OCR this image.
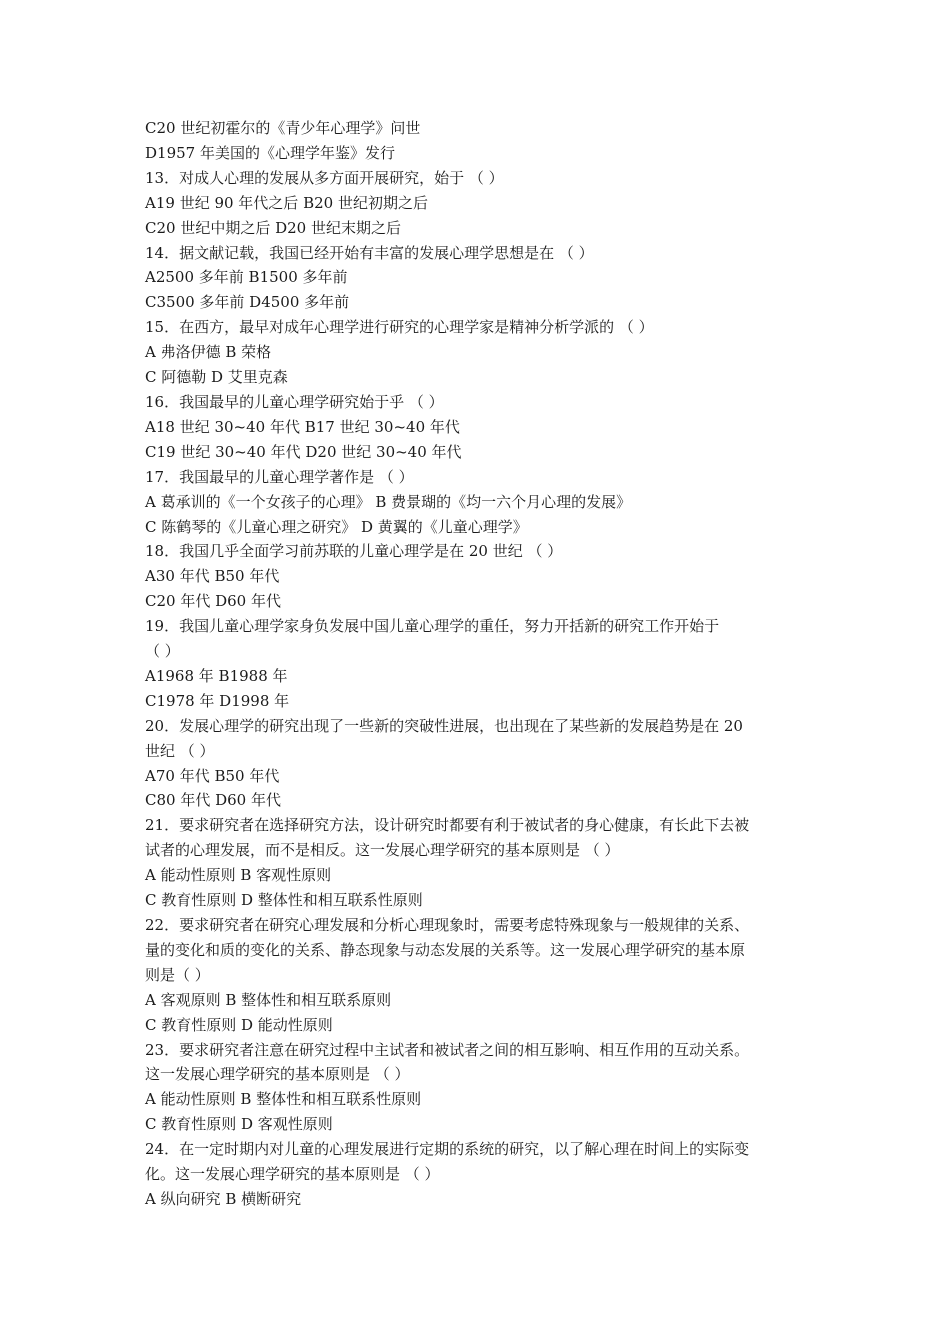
C20 世纪初霍尔的《青少年心理学》问世
D1957 年美国的《心理学年鉴》发行
13．对成人心理的发展从多方面开展研究，始于 （ ）
A19 世纪 90 年代之后 B20 世纪初期之后
C20 世纪中期之后 D20 世纪末期之后
14．据文献记载，我国已经开始有丰富的发展心理学思想是在 （ ）
A2500 多年前 B1500 多年前
C3500 多年前 D4500 多年前
15．在西方，最早对成年心理学进行研究的心理学家是精神分析学派的 （ ）
A 弗洛伊德 B 荣格
C 阿德勒 D 艾里克森
16．我国最早的儿童心理学研究始于乎 （ ）
A18 世纪 30~40 年代 B17 世纪 30~40 年代
C19 世纪 30~40 年代 D20 世纪 30~40 年代
17．我国最早的儿童心理学著作是 （ ）
A 葛承训的《一个女孩子的心理》 B 费景瑚的《均一六个月心理的发展》
C 陈鹤琴的《儿童心理之研究》 D 黄翼的《儿童心理学》
18．我国几乎全面学习前苏联的儿童心理学是在 20 世纪 （ ）
A30 年代 B50 年代
C20 年代 D60 年代
19．我国儿童心理学家身负发展中国儿童心理学的重任，努力开括新的研究工作开始于
（ ）
A1968 年 B1988 年
C1978 年 D1998 年
20．发展心理学的研究出现了一些新的突破性进展，也出现在了某些新的发展趋势是在 20
世纪 （ ）
A70 年代 B50 年代
C80 年代 D60 年代
21．要求研究者在选择研究方法，设计研究时都要有利于被试者的身心健康，有长此下去被
试者的心理发展，而不是相反。这一发展心理学研究的基本原则是 （ ）
A 能动性原则 B 客观性原则
C 教育性原则 D 整体性和相互联系性原则
22．要求研究者在研究心理发展和分析心理现象时，需要考虑特殊现象与一般规律的关系、
量的变化和质的变化的关系、静态现象与动态发展的关系等。这一发展心理学研究的基本原
则是（ ）
A 客观原则 B 整体性和相互联系原则
C 教育性原则 D 能动性原则
23．要求研究者注意在研究过程中主试者和被试者之间的相互影响、相互作用的互动关系。
这一发展心理学研究的基本原则是 （ ）
A 能动性原则 B 整体性和相互联系性原则
C 教育性原则 D 客观性原则
24．在一定时期内对儿童的心理发展进行定期的系统的研究，以了解心理在时间上的实际变
化。这一发展心理学研究的基本原则是 （ ）
A 纵向研究 B 横断研究
